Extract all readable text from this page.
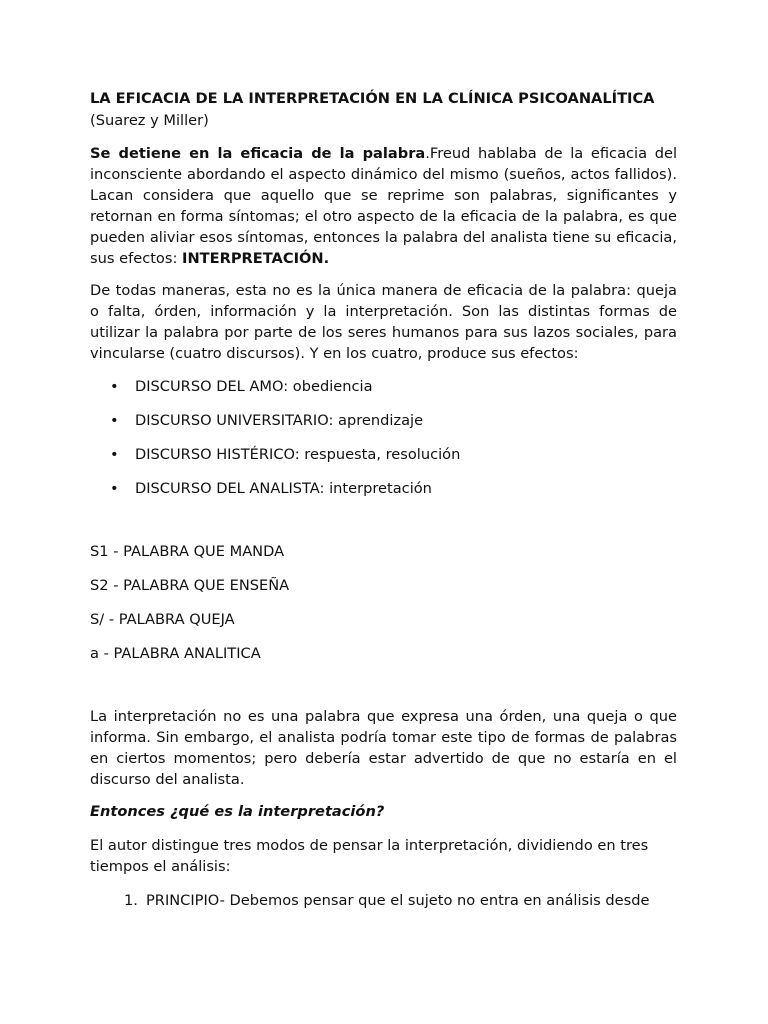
LA EFICACIA DE LA INTERPRETACIÓN EN LA CLÍNICA PSICOANALÍTICA

(Suarez y Miller)

Se detiene en la eficacia de la palabra.Freud hablaba de la eficacia del inconsciente abordando el aspecto dinámico del mismo (sueños, actos fallidos). Lacan considera que aquello que se reprime son palabras, significantes y retornan en forma síntomas; el otro aspecto de la eficacia de la palabra, es que pueden aliviar esos síntomas, entonces la palabra del analista tiene su eficacia, sus efectos: INTERPRETACIÓN.

De todas maneras, esta no es la única manera de eficacia de la palabra: queja o falta, órden, información y la interpretación. Son las distintas formas de utilizar la palabra por parte de los seres humanos para sus lazos sociales, para vincularse (cuatro discursos). Y en los cuatro, produce sus efectos:

• DISCURSO DEL AMO: obediencia
• DISCURSO UNIVERSITARIO: aprendizaje
• DISCURSO HISTÉRICO: respuesta, resolución
• DISCURSO DEL ANALISTA: interpretación

S1 - PALABRA QUE MANDA

S2 - PALABRA QUE ENSEÑA

S/ - PALABRA QUEJA

a - PALABRA ANALITICA

La interpretación no es una palabra que expresa una órden, una queja o que informa. Sin embargo, el analista podría tomar este tipo de formas de palabras en ciertos momentos; pero debería estar advertido de que no estaría en el discurso del analista.

Entonces ¿qué es la interpretación?

El autor distingue tres modos de pensar la interpretación, dividiendo en tres tiempos el análisis:

1. PRINCIPIO- Debemos pensar que el sujeto no entra en análisis desde
